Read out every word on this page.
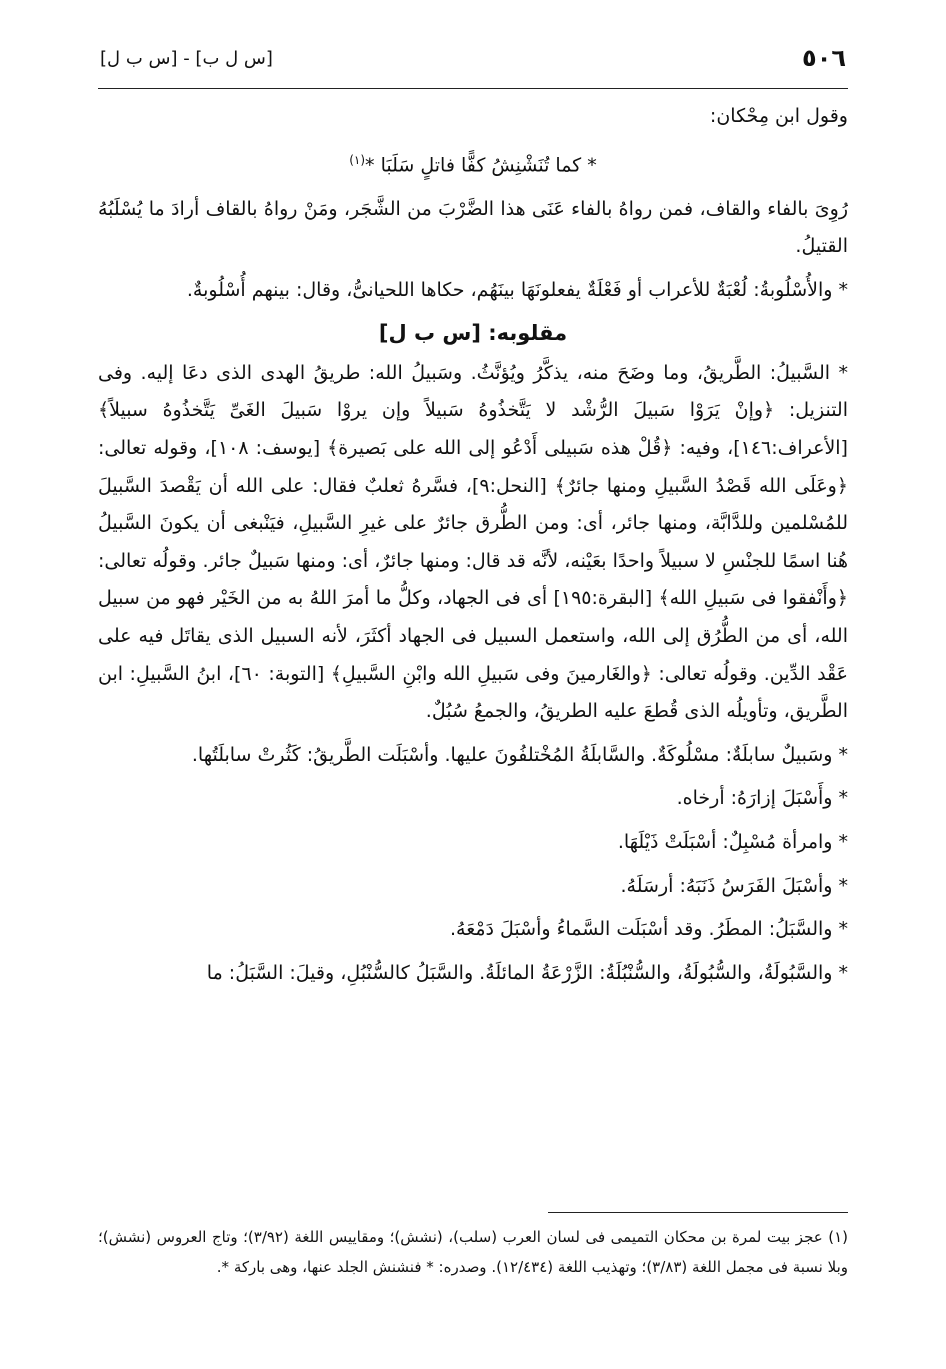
٥٠٦
[س ل ب] - [س ب ل]

وقول ابن مِحْكان:

* كما تُنَشْنِشُ كفًّا فاتلٍ سَلَبَا *$^{(١)}$

رُوِىَ بالفاء والقاف، فمن رواهُ بالفاء عَنَى هذا الضَّرْبَ من الشَّجَر، ومَنْ رواهُ بالقاف أرادَ ما يُسْلَبُهُ القتيلُ.

* والأُسْلُوبةُ: لُعْبَةٌ للأعراب أو فَعْلَةٌ يفعلونَهَا بينَهُم، حكاها اللحيانىُّ، وقال: بينهم أُسْلُوبةٌ.

مقلوبه: [س ب ل]

* السَّبيلُ: الطَّريقُ، وما وضَحَ منه، يذكَّرُ ويُؤنَّثُ. وسَبيلُ الله: طريقُ الهدى الذى دعَا إليه. وفى التنزيل: ﴿وإنْ يَرَوْا سَبيلَ الرُّشْد لا يَتَّخذُوهُ سَبيلاً وإن يروْا سَبيلَ الغَىِّ يَتَّخذُوهُ سبيلاً﴾ [الأعراف:١٤٦]، وفيه: ﴿قُلْ هذه سَبيلى أَدْعُو إلى الله على بَصيرة﴾ [يوسف: ١٠٨]، وقوله تعالى: ﴿وعَلَى الله قَصْدُ السَّبيلِ ومنها جائرٌ﴾ [النحل:٩]، فسَّرهُ ثعلبٌ فقال: على الله أن يَقْصدَ السَّبيلَ للمُسْلمين وللدَّابَّة، ومنها جائر، أى: ومن الطُّرق جائرٌ على غيرِ السَّبيلِ، فيَنْبغى أن يكونَ السَّبيلُ هُنا اسمًا للجنْسِ لا سبيلاً واحدًا بعَيْنه، لأنَّه قد قال: ومنها جائرٌ، أى: ومنها سَبيلٌ جائر. وقولُه تعالى: ﴿وأَنْفقوا فى سَبيلِ الله﴾ [البقرة:١٩٥] أى فى الجهاد، وكلُّ ما أمرَ اللهُ به من الخَيْر فهو من سبيل الله، أى من الطُّرُق إلى الله، واستعمل السبيل فى الجهاد أكثَرَ، لأنه السبيل الذى يقاتَل فيه على عَقْد الدِّين. وقولُه تعالى: ﴿والغَارمينَ وفى سَبيلِ الله وابْنِ السَّبيلِ﴾ [التوبة: ٦٠]، ابنُ السَّبيلِ: ابن الطَّريق، وتأويلُه الذى قُطعَ عليه الطريقُ، والجمعُ سُبُلٌ.

* وسَبيلٌ سابلَةٌ: مسْلُوكَةٌ. والسَّابلَةُ المُخْتلفُونَ عليها. وأسْبَلَت الطَّريقُ: كَثُرتْ سابلَتُها.

* وأَسْبَلَ إزارَهُ: أرخاه.

* وامرأة مُسْبِلٌ: أسْبَلَتْ ذَيْلَهَا.

* وأسْبَلَ الفَرَسُ ذَنَبَهُ: أرسَلَهُ.

* والسَّبَلُ: المطَرُ. وقد أسْبَلَت السَّماءُ وأسْبَلَ دَمْعَهُ.

* والسَّبُولَةُ، والسُّبُولَةُ، والسُّنْبُلَةُ: الزَّرْعَةُ المائلَةُ. والسَّبَلُ كالسُّنْبُلِ، وقيلَ: السَّبَلُ: ما

(١) عجز بيت لمرة بن محكان التميمى فى لسان العرب (سلب)، (نشش)؛ ومقاييس اللغة (٣/٩٢)؛ وتاج العروس (نشش)؛ وبلا نسبة فى مجمل اللغة (٣/٨٣)؛ وتهذيب اللغة (١٢/٤٣٤). وصدره: * فنشنش الجلد عنها، وهى باركة *.
